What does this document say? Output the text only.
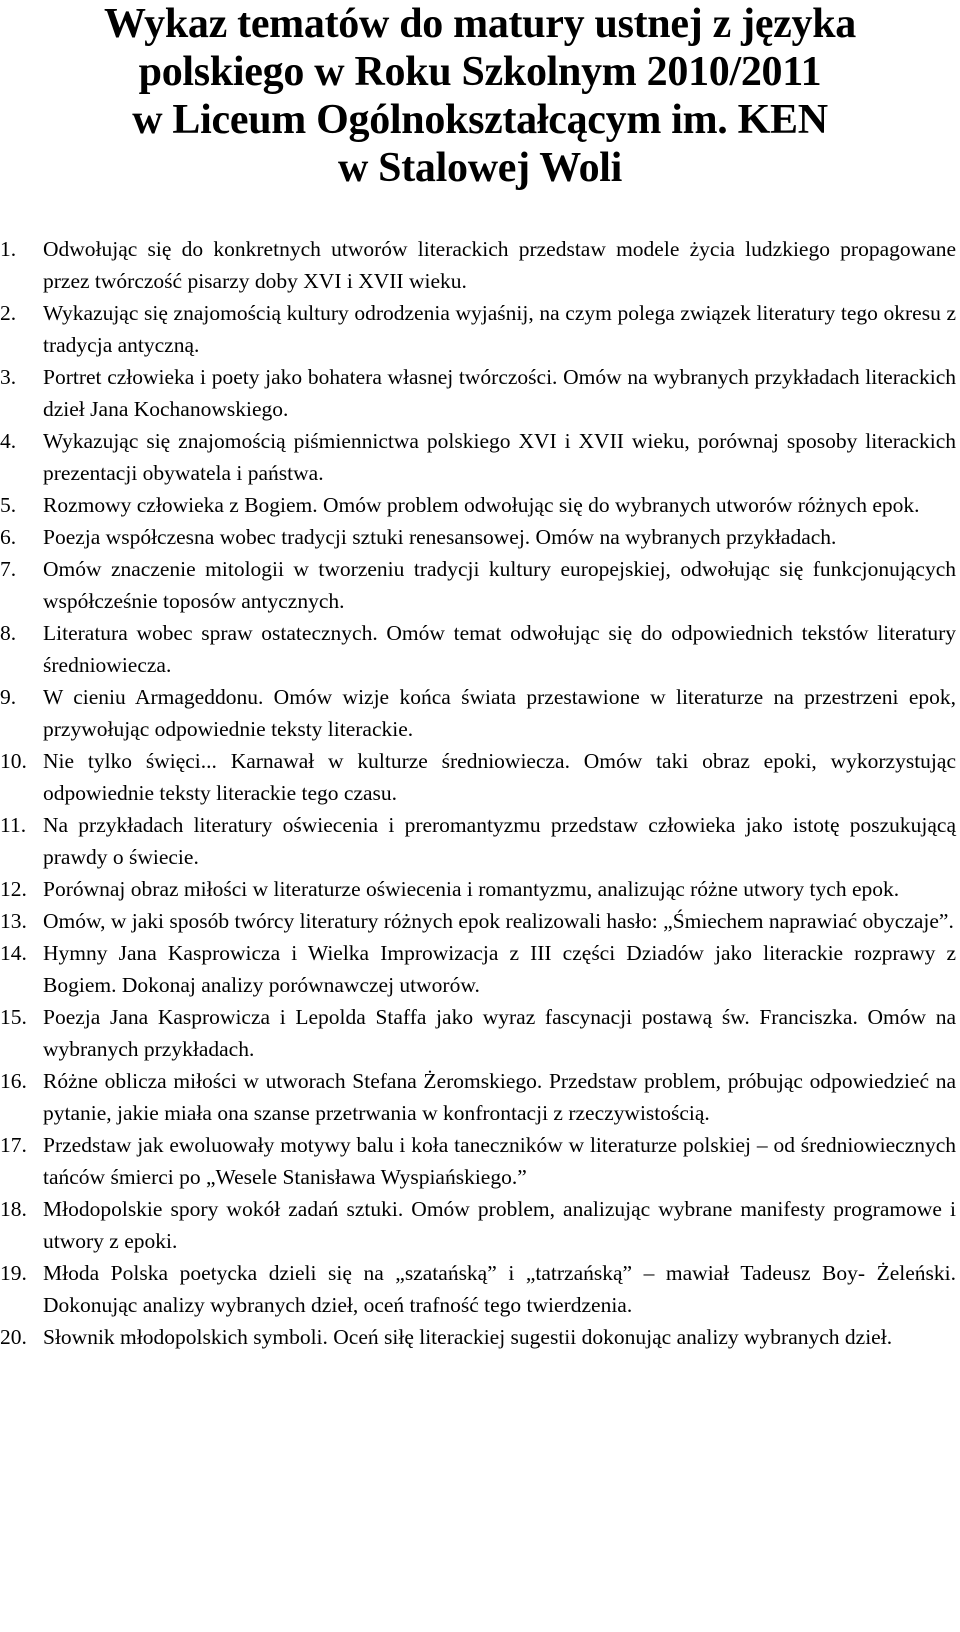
Wykaz tematów do matury ustnej z języka
polskiego w Roku Szkolnym 2010/2011
w Liceum Ogólnokształcącym im. KEN
w Stalowej Woli
1.	Odwołując się do konkretnych utworów literackich przedstaw modele życia ludzkiego propagowane przez twórczość pisarzy doby XVI i XVII wieku.
2.	Wykazując się znajomością kultury odrodzenia wyjaśnij, na czym polega związek literatury tego okresu z tradycja antyczną.
3.	Portret człowieka i poety jako bohatera własnej twórczości. Omów na wybranych przykładach literackich dzieł Jana Kochanowskiego.
4.	Wykazując się znajomością piśmiennictwa polskiego XVI i XVII wieku, porównaj sposoby literackich prezentacji obywatela i państwa.
5.	Rozmowy człowieka z Bogiem. Omów problem odwołując się do wybranych utworów różnych epok.
6.	Poezja współczesna wobec tradycji sztuki renesansowej. Omów na wybranych przykładach.
7.	Omów znaczenie mitologii w tworzeniu tradycji kultury europejskiej, odwołując się funkcjonujących współcześnie toposów antycznych.
8.	Literatura wobec spraw ostatecznych. Omów temat odwołując się do odpowiednich tekstów literatury średniowiecza.
9.	W cieniu Armageddonu. Omów wizje końca świata przestawione w literaturze na przestrzeni epok, przywołując odpowiednie teksty literackie.
10. Nie tylko święci... Karnawał w kulturze średniowiecza. Omów taki obraz epoki, wykorzystując odpowiednie teksty literackie tego czasu.
11. Na przykładach literatury oświecenia i preromantyzmu przedstaw człowieka jako istotę poszukującą prawdy o świecie.
12. Porównaj obraz miłości w literaturze oświecenia i romantyzmu, analizując różne utwory tych epok.
13. Omów, w jaki sposób twórcy literatury różnych epok realizowali hasło: „Śmiechem naprawiać obyczaje”.
14. Hymny Jana Kasprowicza i Wielka Improwizacja z III części Dziadów jako literackie rozprawy z Bogiem. Dokonaj analizy porównawczej utworów.
15. Poezja Jana Kasprowicza i Lepolda Staffa jako wyraz fascynacji postawą św. Franciszka. Omów na wybranych przykładach.
16. Różne oblicza miłości w utworach Stefana Żeromskiego. Przedstaw problem, próbując odpowiedzieć na pytanie, jakie miała ona szanse przetrwania w konfrontacji z rzeczywistością.
17. Przedstaw jak ewoluowały motywy balu i koła taneczników w literaturze polskiej – od średniowiecznych tańców śmierci po „Wesele Stanisława Wyspiańskiego.”
18. Młodopolskie spory wokół zadań sztuki. Omów problem, analizując wybrane manifesty programowe i utwory z epoki.
19. Młoda Polska poetycka dzieli się na „szatańską” i „tatrzańską” – mawiał Tadeusz Boy- Żeleński. Dokonując analizy wybranych dzieł, oceń trafność tego twierdzenia.
20. Słownik młodopolskich symboli. Oceń siłę literackiej sugestii dokonując analizy wybranych dzieł.
